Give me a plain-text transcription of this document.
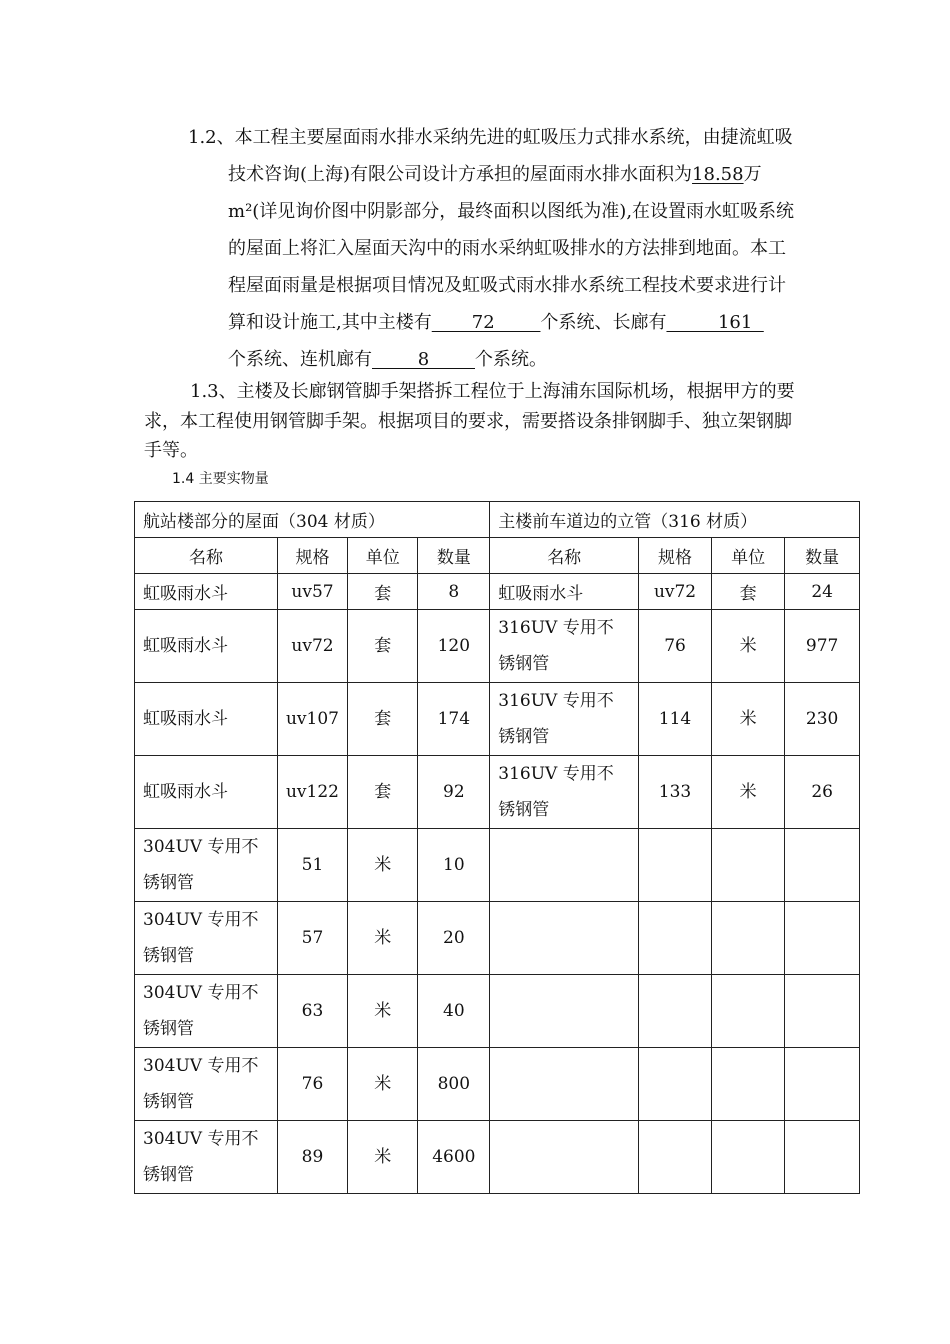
1.2、本工程主要屋面雨水排水采纳先进的虹吸压力式排水系统，由捷流虹吸
技术咨询(上海)有限公司设计方承担的屋面雨水排水面积为18.58万
m²(详见询价图中阴影部分，最终面积以图纸为准),在设置雨水虹吸系统
的屋面上将汇入屋面天沟中的雨水采纳虹吸排水的方法排到地面。本工
程屋面雨量是根据项目情况及虹吸式雨水排水系统工程技术要求进行计
算和设计施工,其中主楼有       72        个系统、长廊有         161
个系统、连机廊有        8        个系统。
1.3、主楼及长廊钢管脚手架搭拆工程位于上海浦东国际机场，根据甲方的要
求，本工程使用钢管脚手架。根据项目的要求，需要搭设条排钢脚手、独立架钢脚
手等。
1.4 主要实物量
航站楼部分的屋面（304 材质）				主楼前车道边的立管（316 材质）			
名称	规格	单位	数量	名称	规格	单位	数量
虹吸雨水斗	uv57	套	8	虹吸雨水斗	uv72	套	24
虹吸雨水斗	uv72	套	120	316UV 专用不锈钢管	76	米	977
虹吸雨水斗	uv107	套	174	316UV 专用不锈钢管	114	米	230
虹吸雨水斗	uv122	套	92	316UV 专用不锈钢管	133	米	26
304UV 专用不锈钢管	51	米	10				
304UV 专用不锈钢管	57	米	20				
304UV 专用不锈钢管	63	米	40				
304UV 专用不锈钢管	76	米	800				
304UV 专用不锈钢管	89	米	4600				
